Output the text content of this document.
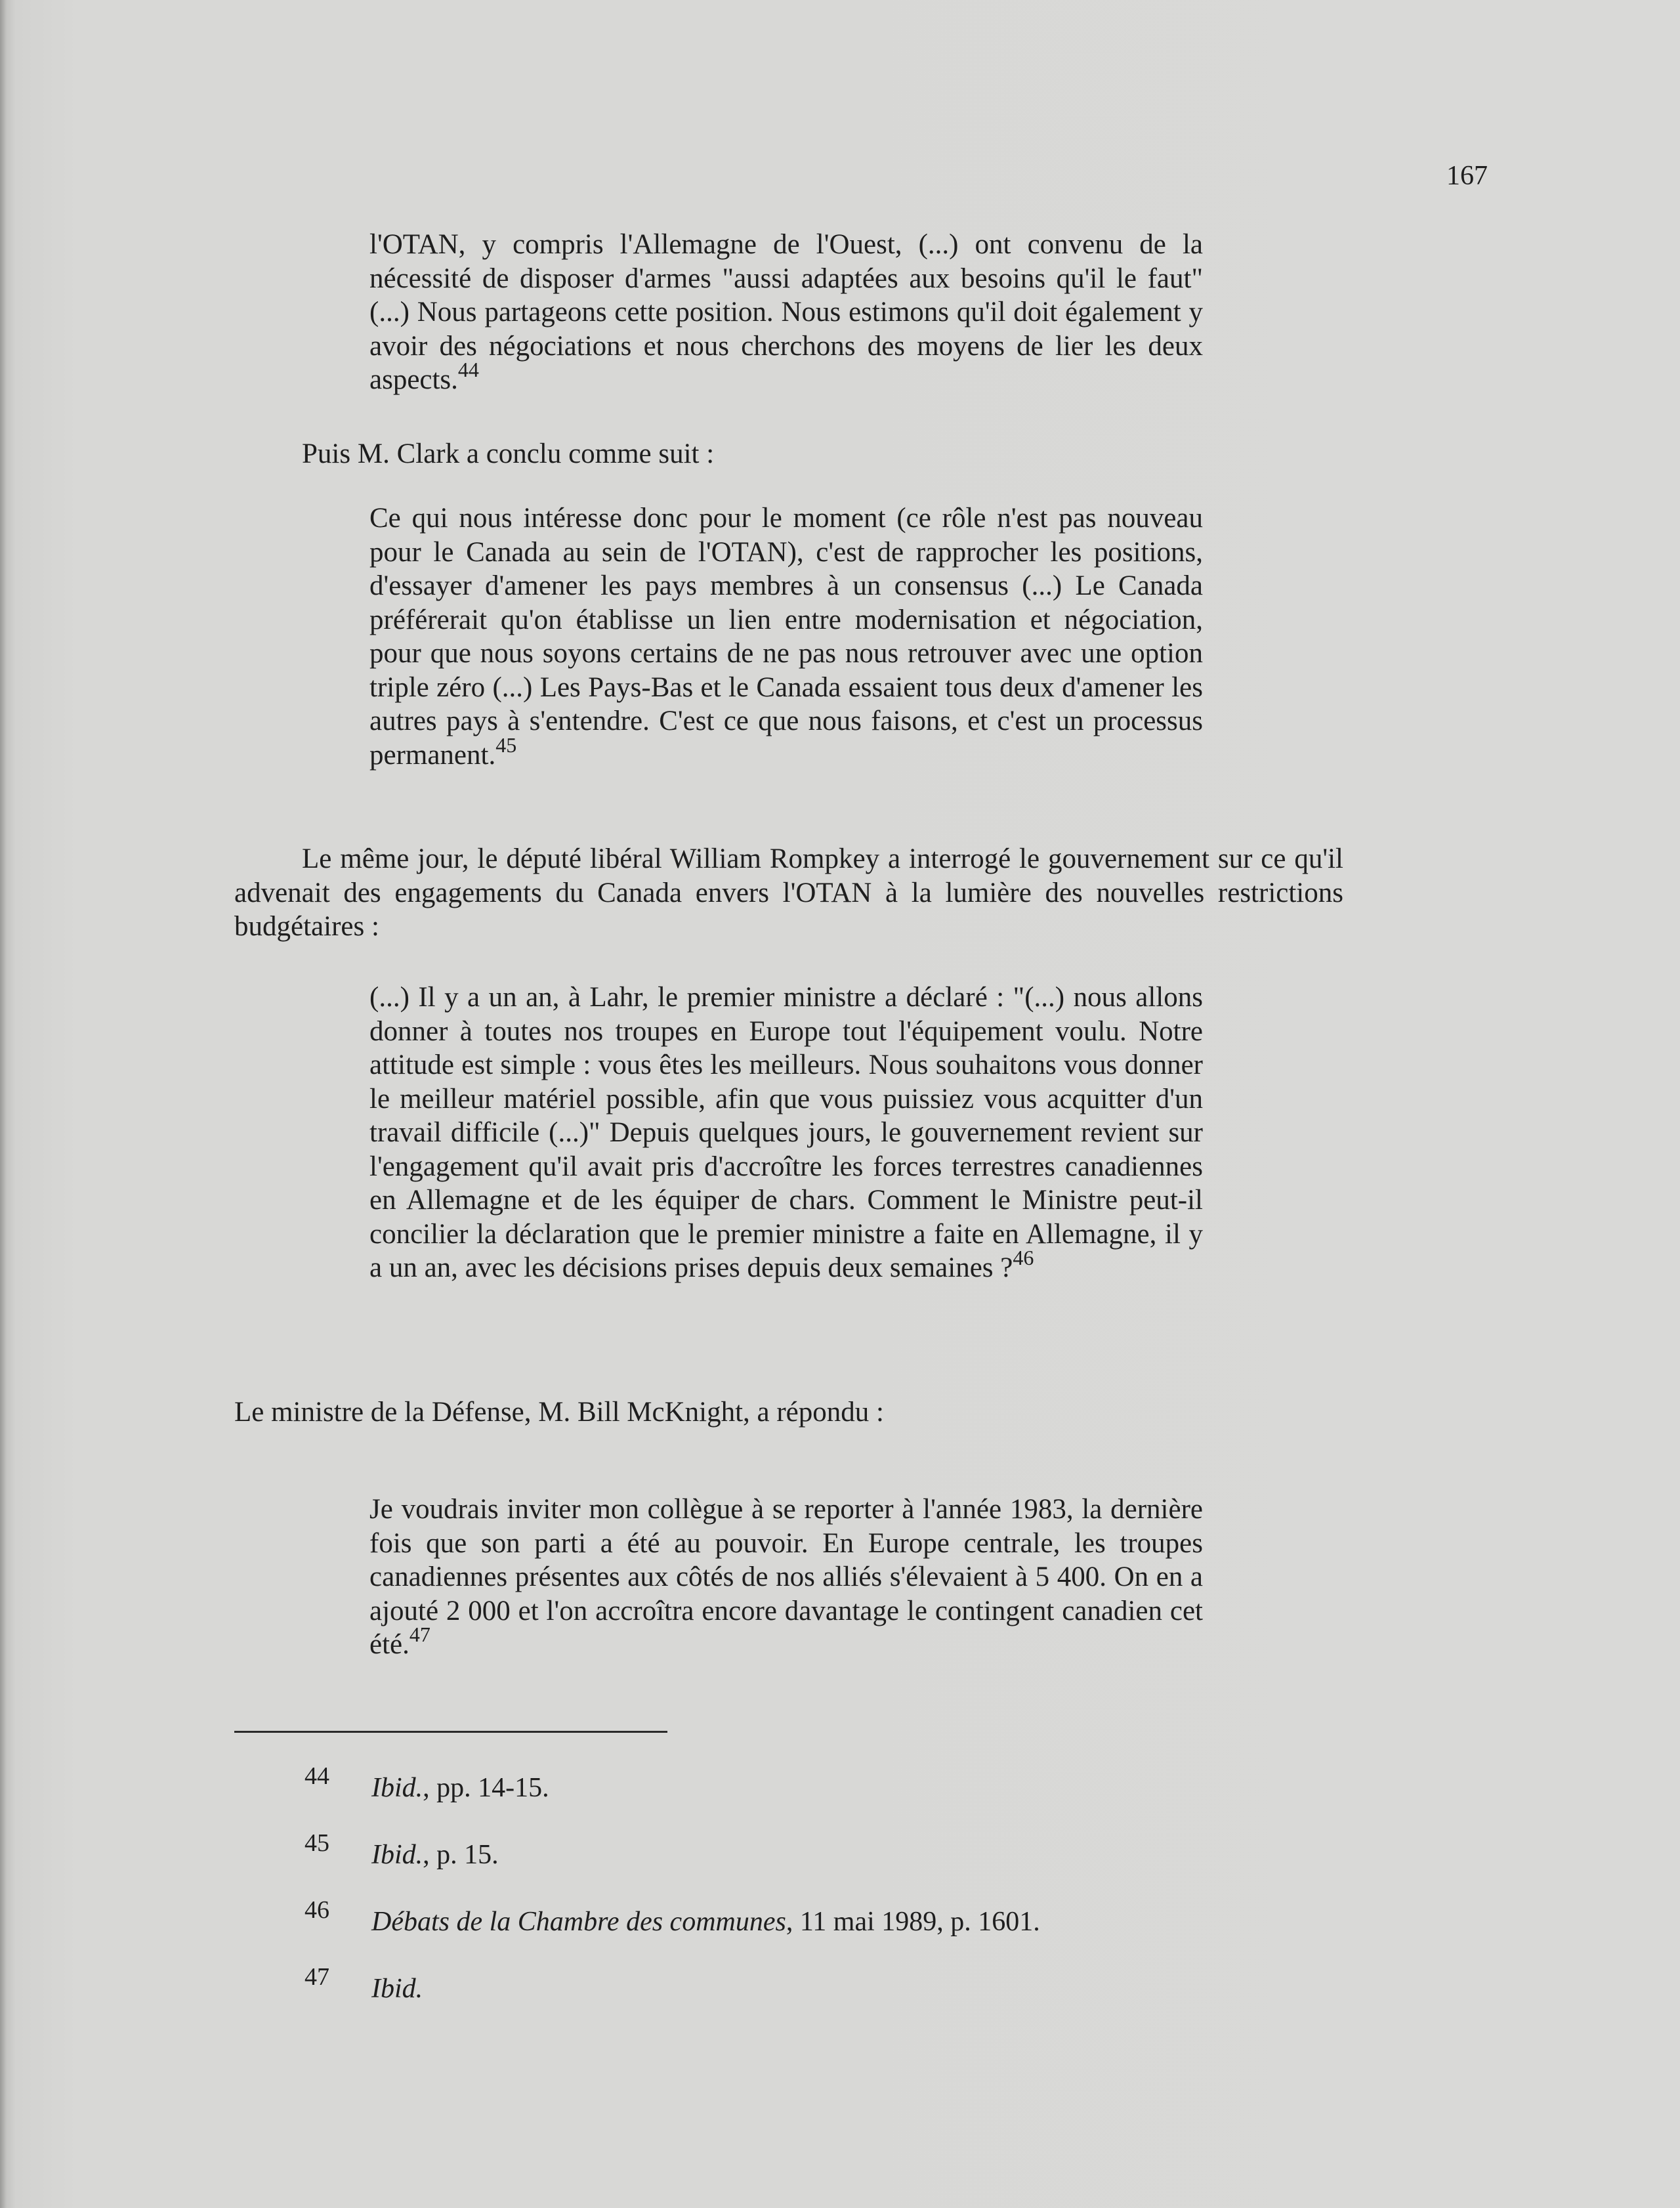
167

l'OTAN, y compris l'Allemagne de l'Ouest, (...) ont convenu de la nécessité de disposer d'armes "aussi adaptées aux besoins qu'il le faut" (...) Nous partageons cette position. Nous estimons qu'il doit également y avoir des négociations et nous cherchons des moyens de lier les deux aspects.$^{44}$

Puis M. Clark a conclu comme suit :

Ce qui nous intéresse donc pour le moment (ce rôle n'est pas nouveau pour le Canada au sein de l'OTAN), c'est de rapprocher les positions, d'essayer d'amener les pays membres à un consensus (...) Le Canada préférerait qu'on établisse un lien entre modernisation et négociation, pour que nous soyons certains de ne pas nous retrouver avec une option triple zéro (...) Les Pays-Bas et le Canada essaient tous deux d'amener les autres pays à s'entendre. C'est ce que nous faisons, et c'est un processus permanent.$^{45}$

Le même jour, le député libéral William Rompkey a interrogé le gouvernement sur ce qu'il advenait des engagements du Canada envers l'OTAN à la lumière des nouvelles restrictions budgétaires :

(...) Il y a un an, à Lahr, le premier ministre a déclaré : "(...) nous allons donner à toutes nos troupes en Europe tout l'équipement voulu. Notre attitude est simple : vous êtes les meilleurs. Nous souhaitons vous donner le meilleur matériel possible, afin que vous puissiez vous acquitter d'un travail difficile (...)" Depuis quelques jours, le gouvernement revient sur l'engagement qu'il avait pris d'accroître les forces terrestres canadiennes en Allemagne et de les équiper de chars. Comment le Ministre peut-il concilier la déclaration que le premier ministre a faite en Allemagne, il y a un an, avec les décisions prises depuis deux semaines ?$^{46}$

Le ministre de la Défense, M. Bill McKnight, a répondu :

Je voudrais inviter mon collègue à se reporter à l'année 1983, la dernière fois que son parti a été au pouvoir. En Europe centrale, les troupes canadiennes présentes aux côtés de nos alliés s'élevaient à 5 400. On en a ajouté 2 000 et l'on accroîtra encore davantage le contingent canadien cet été.$^{47}$

44 Ibid., pp. 14-15.
45 Ibid., p. 15.
46 Débats de la Chambre des communes, 11 mai 1989, p. 1601.
47 Ibid.
